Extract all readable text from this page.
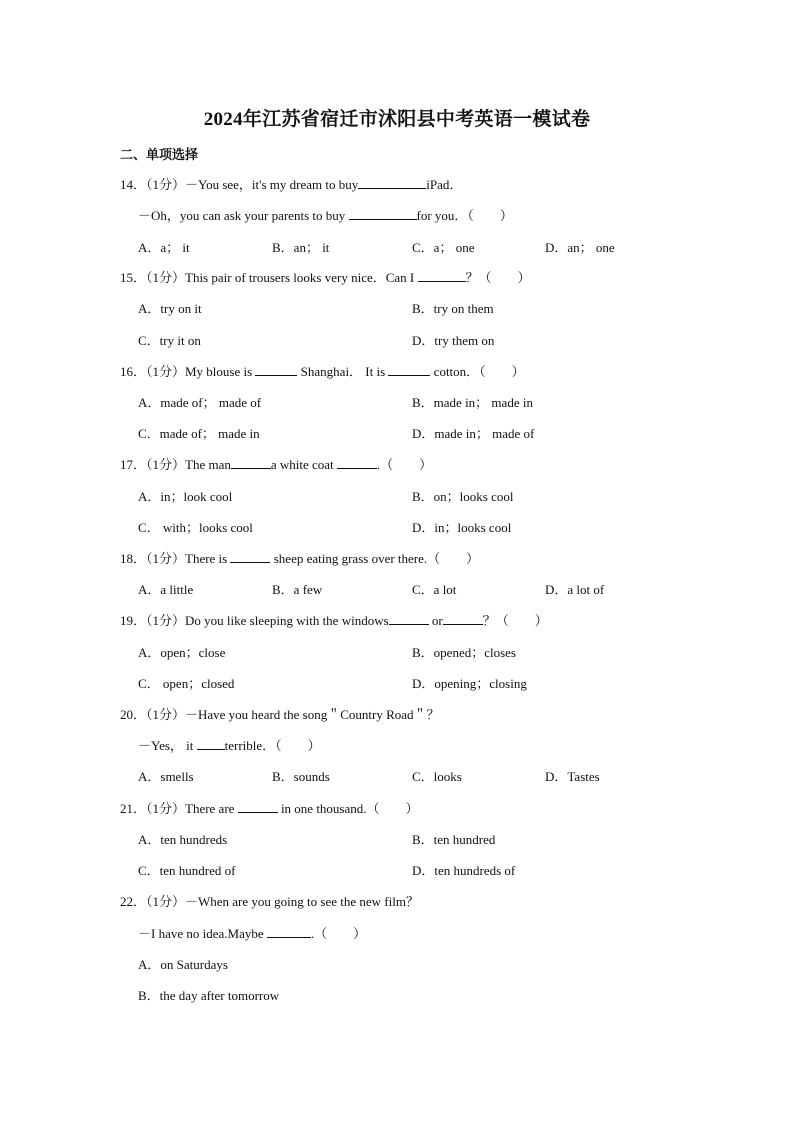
2024年江苏省宿迁市沭阳县中考英语一模试卷
二、单项选择
14．（1分）－You see，it's my dream to buy	iPad．
－Oh，you can ask your parents to buy	for you．（　　）
A．a； it	B．an； it	C．a； one	D．an； one
15．（1分）This pair of trousers looks very nice．Can I	？（　　）
A．try on it	B．try on them
C．try it on	D．try them on
16．（1分）My blouse is	Shanghai． It is	cotton．（　　）
A．made of； made of	B．made in； made in
C．made of； made in	D．made in； made of
17．（1分）The man	a white coat	.（　　）
A．in；look cool	B．on；looks cool
C． with；looks cool	D．in；looks cool
18．（1分）There is	sheep eating grass over there.（　　）
A．a little	B．a few	C．a lot	D．a lot of
19．（1分）Do you like sleeping with the windows	or	？（　　）
A．open；close	B．opened；closes
C． open；closed	D．opening；closing
20．（1分）－Have you heard the song＂Country Road＂？
－Yes， it terrible．（　　）
A．smells	B．sounds	C．looks	D．Tastes
21．（1分）There are	in one thousand.（　　）
A．ten hundreds	B．ten hundred
C．ten hundred of	D．ten hundreds of
22．（1分）－When are you going to see the new film？
－I have no idea.Maybe	.（　　）
A．on Saturdays
B．the day after tomorrow
